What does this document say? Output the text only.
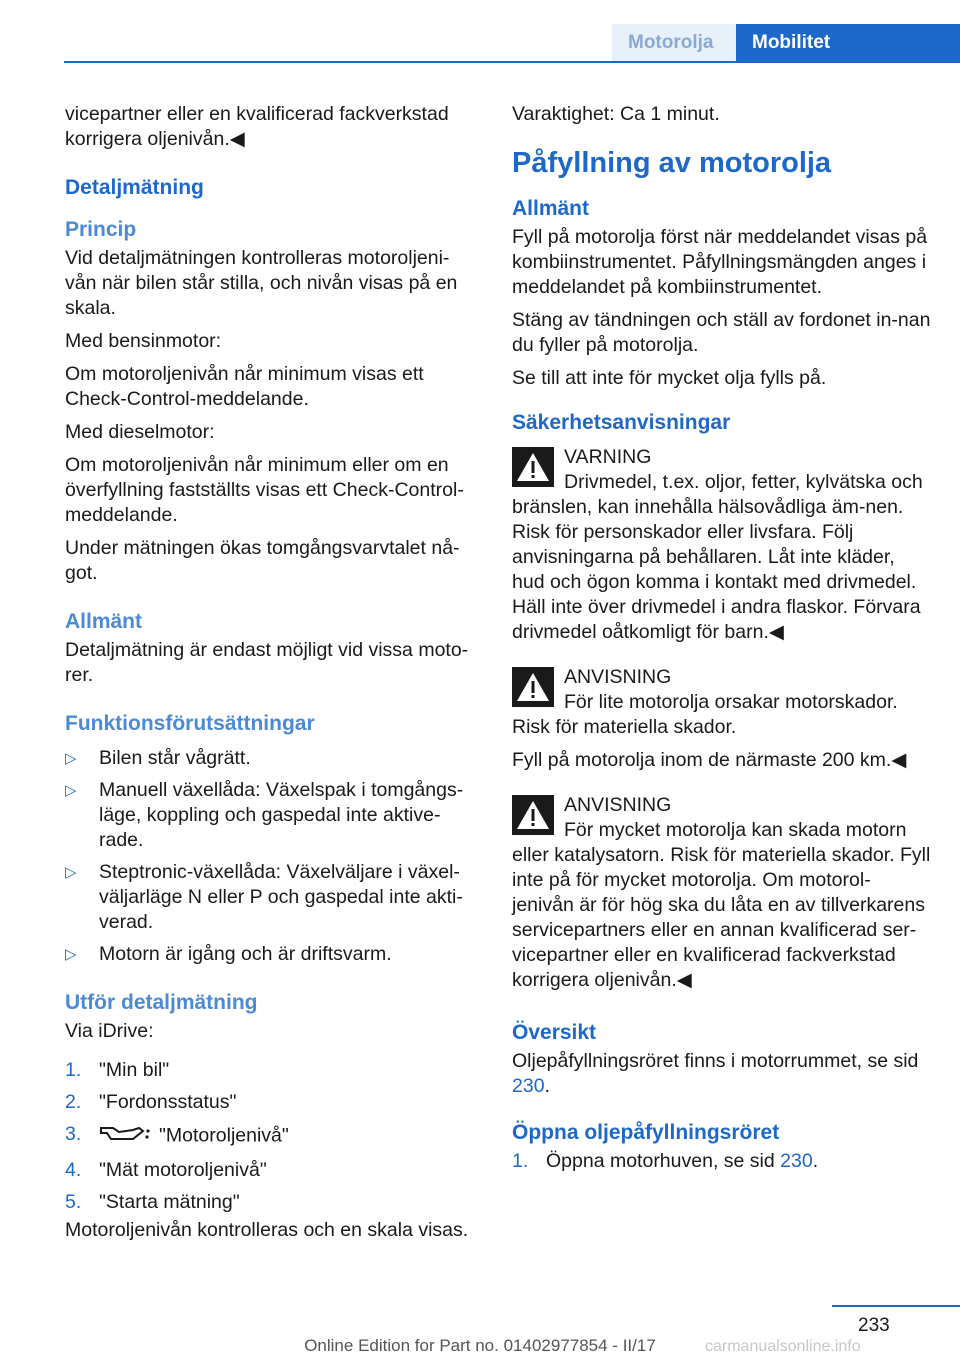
Motorolja Mobilitet
vicepartner eller en kvalificerad fackverkstad korrigera oljenivån.◀
Detaljmätning
Princip
Vid detaljmätningen kontrolleras motoroljeni-vån när bilen står stilla, och nivån visas på en skala.
Med bensinmotor:
Om motoroljenivån når minimum visas ett Check-Control-meddelande.
Med dieselmotor:
Om motoroljenivån når minimum eller om en överfyllning fastställts visas ett Check-Control-meddelande.
Under mätningen ökas tomgångsvarvtalet nå-got.
Allmänt
Detaljmätning är endast möjligt vid vissa moto-rer.
Funktionsförutsättningar
▷ Bilen står vågrätt.
▷ Manuell växellåda: Växelspak i tomgångs-läge, koppling och gaspedal inte aktive-rade.
▷ Steptronic-växellåda: Växelväljare i växel-väljarläge N eller P och gaspedal inte akti-verad.
▷ Motorn är igång och är driftsvarm.
Utför detaljmätning
Via iDrive:
1. "Min bil"
2. "Fordonsstatus"
3.	"Motoroljenivå"
4. "Mät motoroljenivå"
5. "Starta mätning"
Motoroljenivån kontrolleras och en skala visas.
Varaktighet: Ca 1 minut.
Påfyllning av motorolja
Allmänt
Fyll på motorolja först när meddelandet visas på kombiinstrumentet. Påfyllningsmängden anges i meddelandet på kombiinstrumentet.
Stäng av tändningen och ställ av fordonet in-nan du fyller på motorolja.
Se till att inte för mycket olja fylls på.
Säkerhetsanvisningar
VARNING
Drivmedel, t.ex. oljor, fetter, kylvätska och bränslen, kan innehålla hälsovådliga äm-nen. Risk för personskador eller livsfara. Följ anvisningarna på behållaren. Låt inte kläder, hud och ögon komma i kontakt med drivmedel. Häll inte över drivmedel i andra flaskor. Förvara drivmedel oåtkomligt för barn.◀
ANVISNING
För lite motorolja orsakar motorskador. Risk för materiella skador.
Fyll på motorolja inom de närmaste 200 km.◀
ANVISNING
För mycket motorolja kan skada motorn eller katalysatorn. Risk för materiella skador. Fyll inte på för mycket motorolja. Om motorol-jenivån är för hög ska du låta en av tillverkarens servicepartners eller en annan kvalificerad ser-vicepartner eller en kvalificerad fackverkstad korrigera oljenivån.◀
Översikt
Oljepåfyllningsröret finns i motorrummet, se sid 230.
Öppna oljepåfyllningsröret
1. Öppna motorhuven, se sid 230.
233
Online Edition for Part no. 01402977854 - II/17	carmanualsonline.info
